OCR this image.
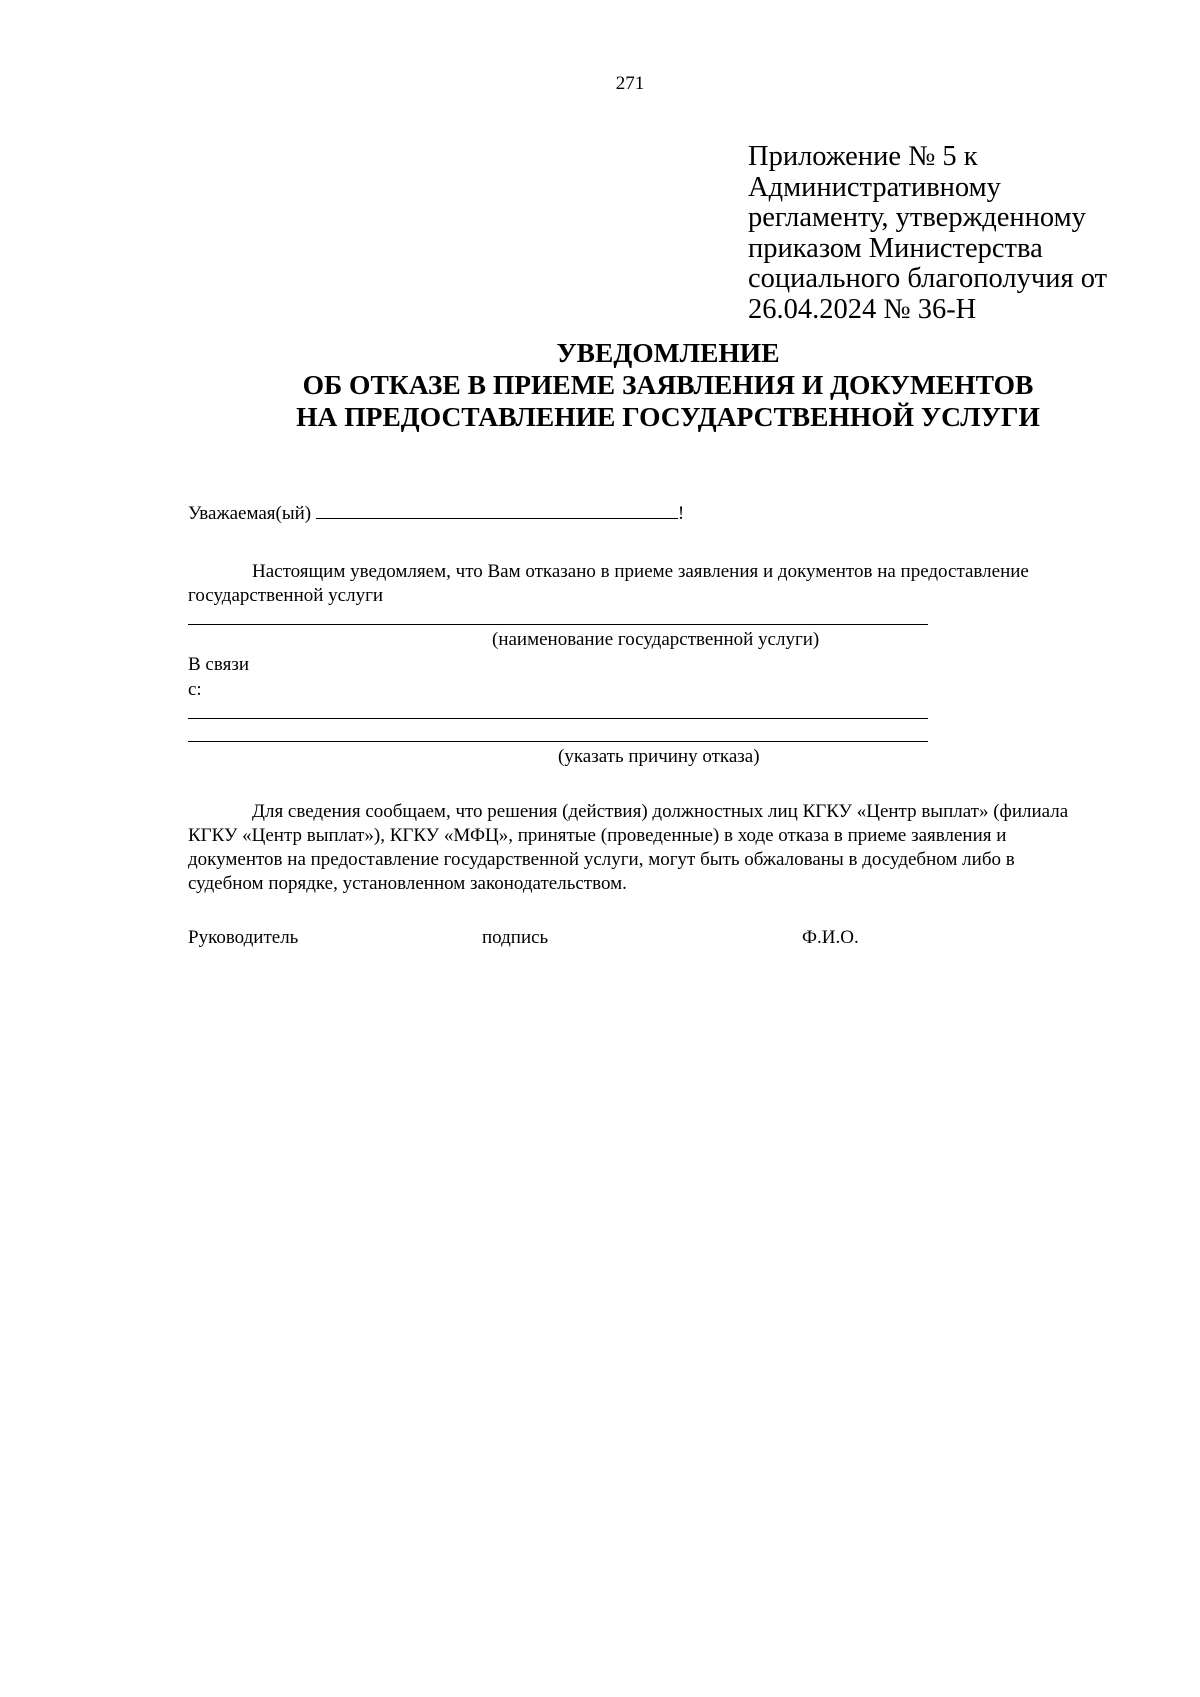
271
Приложение № 5 к
Административному
регламенту, утвержденному
приказом Министерства
социального благополучия от
26.04.2024 № 36-Н
УВЕДОМЛЕНИЕ
ОБ ОТКАЗЕ В ПРИЕМЕ ЗАЯВЛЕНИЯ И ДОКУМЕНТОВ
НА ПРЕДОСТАВЛЕНИЕ ГОСУДАРСТВЕННОЙ УСЛУГИ
Уважаемая(ый)	!
Настоящим уведомляем, что Вам отказано в приеме заявления и документов на предоставление государственной услуги
(наименование государственной услуги)
В связи
с:
(указать причину отказа)
Для сведения сообщаем, что решения (действия) должностных лиц КГКУ «Центр выплат» (филиала КГКУ «Центр выплат»), КГКУ «МФЦ», принятые (проведенные) в ходе отказа в приеме заявления и документов на предоставление государственной услуги, могут быть обжалованы в досудебном либо в судебном порядке, установленном законодательством.
Руководитель	подпись	Ф.И.О.
